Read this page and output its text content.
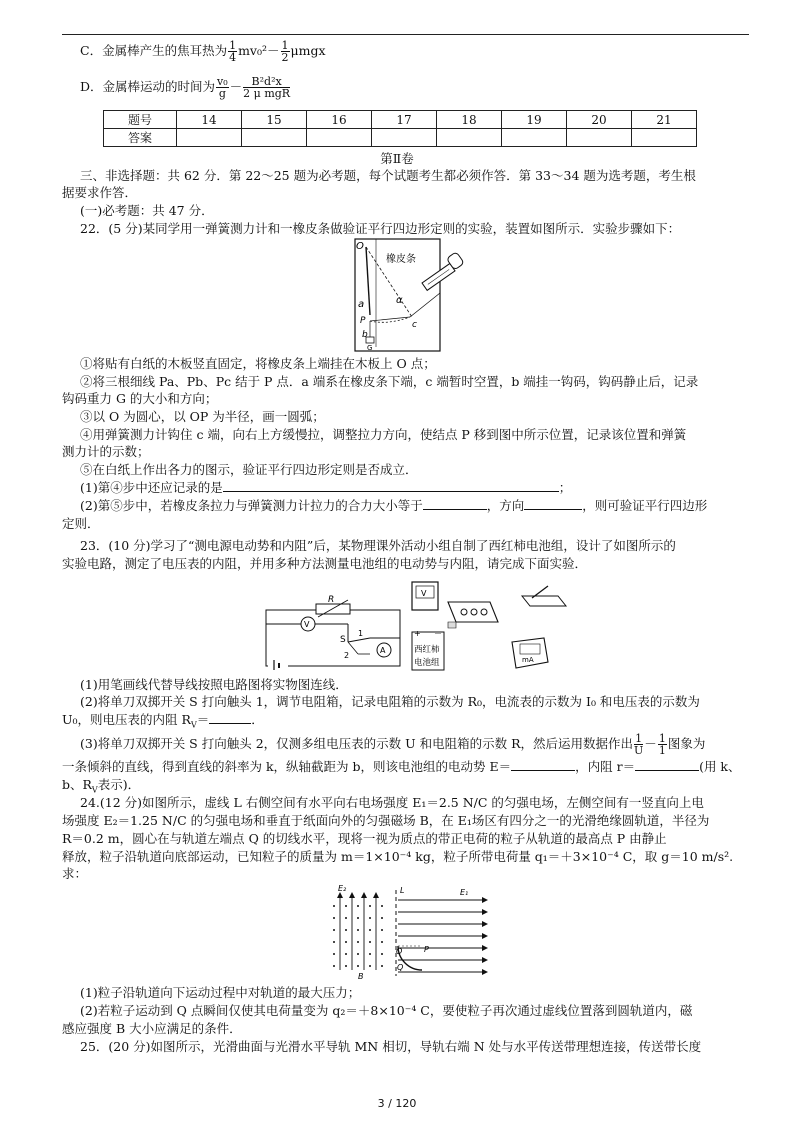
C．金属棒产生的焦耳热为 $\frac{1}{4} mv_0^2- \frac{1}{2}$ μmgx
D．金属棒运动的时间为 $\frac{\text{v₀}}{g} - \frac{\text{B²d²x}}{\text{2 μ mgR}}$
题号	14	15	16	17	18	19	20	21
答案								
第Ⅱ卷
三、非选择题：共 62 分．第 22～25 题为必考题，每个试题考生都必须作答．第 33～34 题为选考题，考生根
据要求作答．
(一)必考题：共 47 分．
22．(5 分)某同学用一弹簧测力计和一橡皮条做验证平行四边形定则的实验，装置如图所示．实验步骤如下：
O
橡皮条
a	α
P
b
c
G
①将贴有白纸的木板竖直固定，将橡皮条上端挂在木板上 O 点；
②将三根细线 Pa、Pb、Pc 结于 P 点．a 端系在橡皮条下端，c 端暂时空置，b 端挂一钩码，钩码静止后，记录
钩码重力 G 的大小和方向；
③以 O 为圆心，以 OP 为半径，画一圆弧；
④用弹簧测力计钩住 c 端，向右上方缓慢拉，调整拉力方向，使结点 P 移到图中所示位置，记录该位置和弹簧
测力计的示数；
⑤在白纸上作出各力的图示，验证平行四边形定则是否成立．
(1)第④步中还应记录的是	；
(2)第⑤步中，若橡皮条拉力与弹簧测力计拉力的合力大小等于	，方向	，则可验证平行四边形
定则．
23．(10 分)学习了“测电源电动势和内阻”后，某物理课外活动小组自制了西红柿电池组，设计了如图所示的
实验电路，测定了电压表的内阻，并用多种方法测量电池组的电动势与内阻，请完成下面实验．
R
V
S
1
2
A
V
+ －
西红柿
电池组	mA
(1)用笔画线代替导线按照电路图将实物图连线．
(2)将单刀双掷开关 S 打向触头 1，调节电阻箱，记录电阻箱的示数为 R₀，电流表的示数为 I₀ 和电压表的示数为
U₀，则电压表的内阻 $R_V=$	．
(3)将单刀双掷开关 S 打向触头 2，仅测多组电压表的示数 U 和电阻箱的示数 R，然后运用数据作出 $\frac{1}{U} - \frac{1}{1}$ 图象为
一条倾斜的直线，得到直线的斜率为 k，纵轴截距为 b，则该电池组的电动势 E＝	，内阻 r＝	(用 k、
b、$R_V$表示)．
24.(12 分)如图所示，虚线 L 右侧空间有水平向右电场强度 E₁＝2.5 N/C 的匀强电场，左侧空间有一竖直向上电
场强度 E₂＝1.25 N/C 的匀强电场和垂直于纸面向外的匀强磁场 B，在 E₁场区有四分之一的光滑绝缘圆轨道，半径为
R＝0.2 m，圆心在与轨道左端点 Q 的切线水平，现将一视为质点的带正电荷的粒子从轨道的最高点 P 由静止
释放，粒子沿轨道向底部运动，已知粒子的质量为 m＝1×10⁻⁴ kg，粒子所带电荷量 q₁＝＋3×10⁻⁴ C，取 g＝10 m/s².
求：
E₂	L	E₁
O	P
Q
B
(1)粒子沿轨道向下运动过程中对轨道的最大压力；
(2)若粒子运动到 Q 点瞬间仅使其电荷量变为 q₂＝＋8×10⁻⁴ C，要使粒子再次通过虚线位置落到圆轨道内，磁
感应强度 B 大小应满足的条件．
25．(20 分)如图所示，光滑曲面与光滑水平导轨 MN 相切，导轨右端 N 处与水平传送带理想连接，传送带长度
3 / 120
